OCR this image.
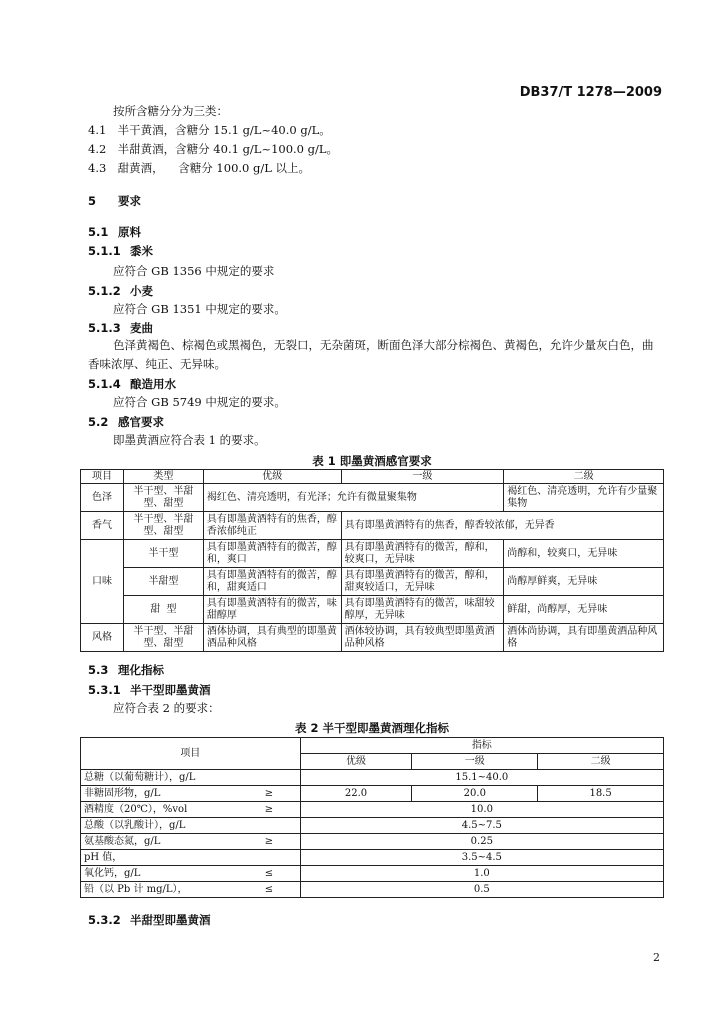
DB37/T 1278—2009
按所含糖分分为三类：
4.1 半干黄酒，含糖分 15.1 g/L~40.0 g/L。
4.2 半甜黄酒，含糖分 40.1 g/L~100.0 g/L。
4.3 甜黄酒，    含糖分 100.0 g/L 以上。
5 要求
5.1 原料
5.1.1 黍米
应符合 GB 1356 中规定的要求
5.1.2 小麦
应符合 GB 1351 中规定的要求。
5.1.3 麦曲
色泽黄褐色、棕褐色或黑褐色，无裂口，无杂菌斑，断面色泽大部分棕褐色、黄褐色，允许少量灰白色，曲香味浓厚、纯正、无异味。
5.1.4 酿造用水
应符合 GB 5749 中规定的要求。
5.2 感官要求
即墨黄酒应符合表 1 的要求。
表 1 即墨黄酒感官要求
项目	类型	优级	一级	二级
色泽	半干型、半甜型、甜型	褐红色、清亮透明，有光泽；允许有微量聚集物		褐红色、清亮透明，允许有少量聚集物
香气	半干型、半甜型、甜型	具有即墨黄酒特有的焦香，醇香浓郁纯正	具有即墨黄酒特有的焦香，醇香较浓郁，无异香	
口味	半干型	具有即墨黄酒特有的微苦，醇和，爽口	具有即墨黄酒特有的微苦，醇和，较爽口，无异味	尚醇和，较爽口，无异味
	半甜型	具有即墨黄酒特有的微苦，醇和，甜爽适口	具有即墨黄酒特有的微苦，醇和，甜爽较适口，无异味	尚醇厚鲜爽，无异味
	甜  型	具有即墨黄酒特有的微苦，味甜醇厚	具有即墨黄酒特有的微苦，味甜较醇厚，无异味	鲜甜，尚醇厚，无异味
风格	半干型、半甜型、甜型	酒体协调，具有典型的即墨黄酒品种风格	酒体较协调，具有较典型即墨黄酒品种风格	酒体尚协调，具有即墨黄酒品种风格
5.3 理化指标
5.3.1 半干型即墨黄酒
应符合表 2 的要求：
表 2 半干型即墨黄酒理化指标
项目		指标		
		优级	一级	二级
总糖（以葡萄糖计），g/L		15.1~40.0		
非糖固形物，g/L	≥	22.0	20.0	18.5
酒精度（20℃），%vol	≥	10.0		
总酸（以乳酸计），g/L		4.5~7.5		
氨基酸态氮，g/L	≥	0.25		
pH 值，		3.5~4.5		
氧化钙，g/L	≤	1.0		
铅（以 Pb 计 mg/L），	≤	0.5		
5.3.2 半甜型即墨黄酒
2
